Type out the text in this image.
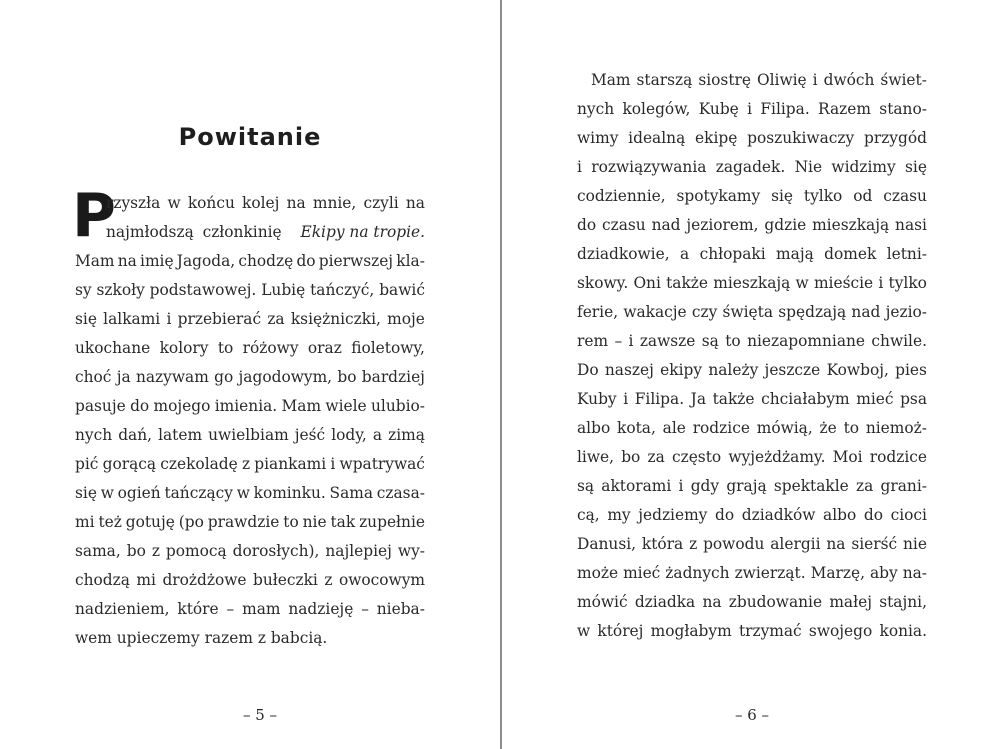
Powitanie
P
rzyszła w końcu kolej na mnie, czyli na
najmłodszą członkinię Ekipy na tropie.
Mam na imię Jagoda, chodzę do pierwszej kla-
sy szkoły podstawowej. Lubię tańczyć, bawić
się lalkami i przebierać za księżniczki, moje
ukochane kolory to różowy oraz fioletowy,
choć ja nazywam go jagodowym, bo bardziej
pasuje do mojego imienia. Mam wiele ulubio-
nych dań, latem uwielbiam jeść lody, a zimą
pić gorącą czekoladę z piankami i wpatrywać
się w ogień tańczący w kominku. Sama czasa-
mi też gotuję (po prawdzie to nie tak zupełnie
sama, bo z pomocą dorosłych), najlepiej wy-
chodzą mi drożdżowe bułeczki z owocowym
nadzieniem, które – mam nadzieję – nieba-
wem upieczemy razem z babcią.
– 5 –
Mam starszą siostrę Oliwię i dwóch świet-
nych kolegów, Kubę i Filipa. Razem stano-
wimy idealną ekipę poszukiwaczy przygód
i rozwiązywania zagadek. Nie widzimy się
codziennie, spotykamy się tylko od czasu
do czasu nad jeziorem, gdzie mieszkają nasi
dziadkowie, a chłopaki mają domek letni-
skowy. Oni także mieszkają w mieście i tylko
ferie, wakacje czy święta spędzają nad jezio-
rem – i zawsze są to niezapomniane chwile.
Do naszej ekipy należy jeszcze Kowboj, pies
Kuby i Filipa. Ja także chciałabym mieć psa
albo kota, ale rodzice mówią, że to niemoż-
liwe, bo za często wyjeżdżamy. Moi rodzice
są aktorami i gdy grają spektakle za grani-
cą, my jedziemy do dziadków albo do cioci
Danusi, która z powodu alergii na sierść nie
może mieć żadnych zwierząt. Marzę, aby na-
mówić dziadka na zbudowanie małej stajni,
w której mogłabym trzymać swojego konia.
– 6 –
